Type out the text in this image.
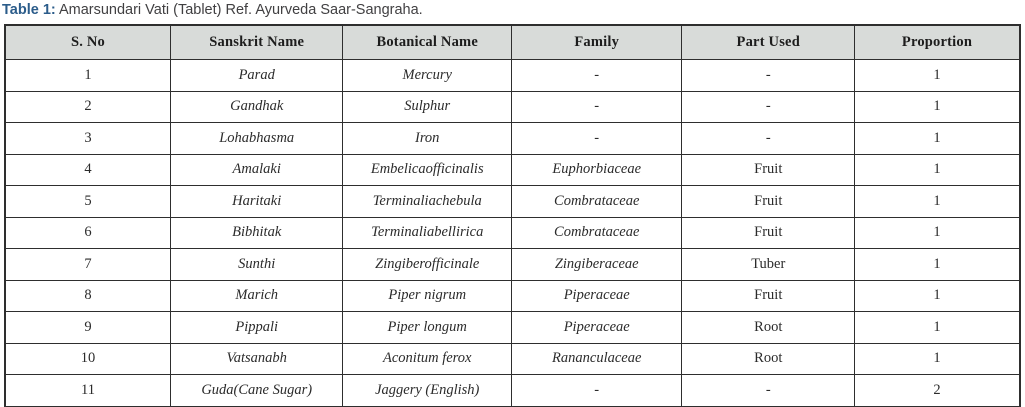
Table 1: Amarsundari Vati (Tablet) Ref. Ayurveda Saar-Sangraha.

S. No	Sanskrit Name	Botanical Name	Family	Part Used	Proportion
1	Parad	Mercury	-	-	1
2	Gandhak	Sulphur	-	-	1
3	Lohabhasma	Iron	-	-	1
4	Amalaki	Embelicaofficinalis	Euphorbiaceae	Fruit	1
5	Haritaki	Terminaliachebula	Combrataceae	Fruit	1
6	Bibhitak	Terminaliabellirica	Combrataceae	Fruit	1
7	Sunthi	Zingiberofficinale	Zingiberaceae	Tuber	1
8	Marich	Piper nigrum	Piperaceae	Fruit	1
9	Pippali	Piper longum	Piperaceae	Root	1
10	Vatsanabh	Aconitum ferox	Rananculaceae	Root	1
11	Guda(Cane Sugar)	Jaggery (English)	-	-	2
